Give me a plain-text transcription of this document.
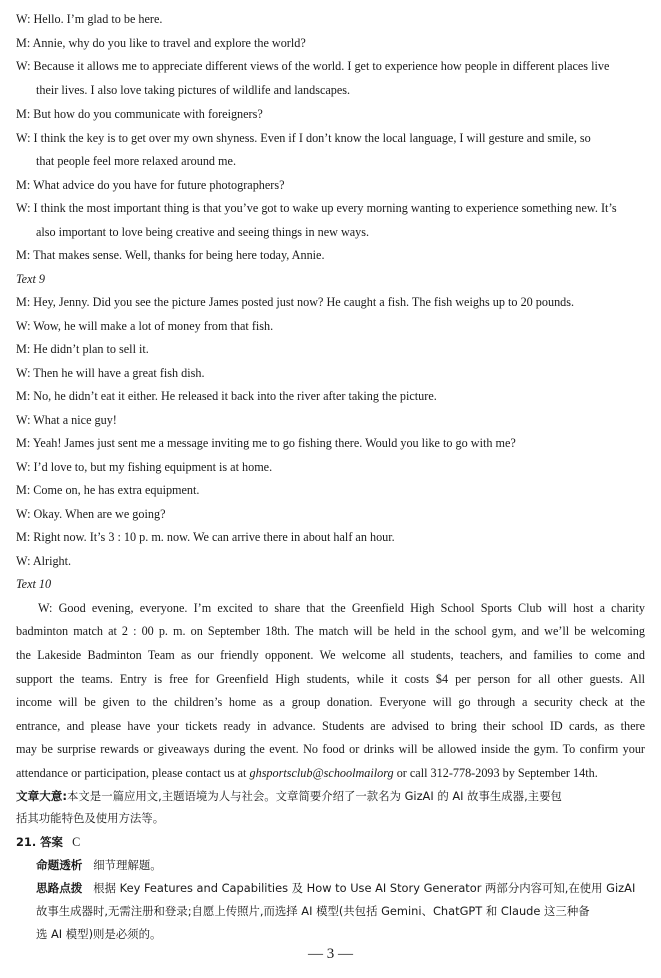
W: Hello. I’m glad to be here.
M: Annie, why do you like to travel and explore the world?
W: Because it allows me to appreciate different views of the world. I get to experience how people in different places live
their lives. I also love taking pictures of wildlife and landscapes.
M: But how do you communicate with foreigners?
W: I think the key is to get over my own shyness. Even if I don’t know the local language, I will gesture and smile, so
that people feel more relaxed around me.
M: What advice do you have for future photographers?
W: I think the most important thing is that you’ve got to wake up every morning wanting to experience something new. It’s
also important to love being creative and seeing things in new ways.
M: That makes sense. Well, thanks for being here today, Annie.
Text 9
M: Hey, Jenny. Did you see the picture James posted just now? He caught a fish. The fish weighs up to 20 pounds.
W: Wow, he will make a lot of money from that fish.
M: He didn’t plan to sell it.
W: Then he will have a great fish dish.
M: No, he didn’t eat it either. He released it back into the river after taking the picture.
W: What a nice guy!
M: Yeah! James just sent me a message inviting me to go fishing there. Would you like to go with me?
W: I’d love to, but my fishing equipment is at home.
M: Come on, he has extra equipment.
W: Okay. When are we going?
M: Right now. It’s 3 : 10 p. m. now. We can arrive there in about half an hour.
W: Alright.
Text 10
W: Good evening, everyone. I’m excited to share that the Greenfield High School Sports Club will host a charity
badminton match at 2 : 00 p. m. on September 18th. The match will be held in the school gym, and we’ll be welcoming
the Lakeside Badminton Team as our friendly opponent. We welcome all students, teachers, and families to come and
support the teams. Entry is free for Greenfield High students, while it costs $4 per person for all other guests. All
income will be given to the children’s home as a group donation. Everyone will go through a security check at the
entrance, and please have your tickets ready in advance. Students are advised to bring their school ID cards, as there
may be surprise rewards or giveaways during the event. No food or drinks will be allowed inside the gym. To confirm your
attendance or participation, please contact us at ghsportsclub@schoolmailorg or call 312-778-2093 by September 14th.
文章大意:本文是一篇应用文,主题语境为人与社会。文章简要介绍了一款名为 GizAI 的 AI 故事生成器,主要包
括其功能特色及使用方法等。
21. 答案 C
命题透析 细节理解题。
思路点拨 根据 Key Features and Capabilities 及 How to Use AI Story Generator 两部分内容可知,在使用 GizAI
故事生成器时,无需注册和登录;自愿上传照片,而选择 AI 模型(共包括 Gemini、ChatGPT 和 Claude 这三种备
选 AI 模型)则是必须的。
— 3 —
